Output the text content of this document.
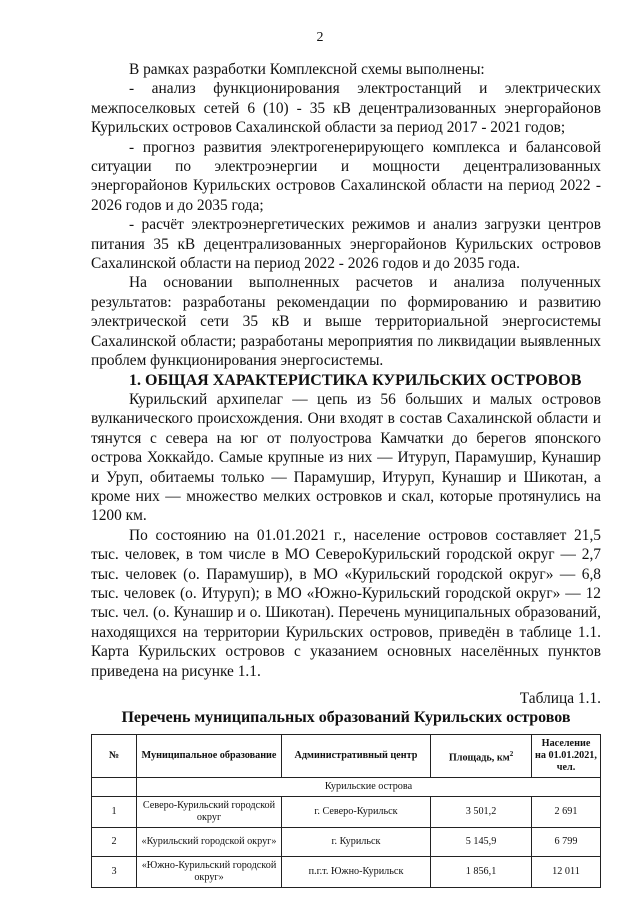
2

В рамках разработки Комплексной схемы выполнены:

- анализ функционирования электростанций и электрических межпоселковых сетей 6 (10) - 35 кВ децентрализованных энергорайонов Курильских островов Сахалинской области за период 2017 - 2021 годов;

- прогноз развития электрогенерирующего комплекса и балансовой ситуации по электроэнергии и мощности децентрализованных энергорайонов Курильских островов Сахалинской области на период 2022 - 2026 годов и до 2035 года;

- расчёт электроэнергетических режимов и анализ загрузки центров питания 35 кВ децентрализованных энергорайонов Курильских островов Сахалинской области на период 2022 - 2026 годов и до 2035 года.

На основании выполненных расчетов и анализа полученных результатов: разработаны рекомендации по формированию и развитию электрической сети 35 кВ и выше территориальной энергосистемы Сахалинской области; разработаны мероприятия по ликвидации выявленных проблем функционирования энергосистемы.

1. ОБЩАЯ ХАРАКТЕРИСТИКА КУРИЛЬСКИХ ОСТРОВОВ

Курильский архипелаг — цепь из 56 больших и малых островов вулканического происхождения. Они входят в состав Сахалинской области и тянутся с севера на юг от полуострова Камчатки до берегов японского острова Хоккайдо. Самые крупные из них — Итуруп, Парамушир, Кунашир и Уруп, обитаемы только — Парамушир, Итуруп, Кунашир и Шикотан, а кроме них — множество мелких островков и скал, которые протянулись на 1200 км.

По состоянию на 01.01.2021 г., население островов составляет 21,5 тыс. человек, в том числе в МО СевероКурильский городской округ — 2,7 тыс. человек (о. Парамушир), в МО «Курильский городской округ» — 6,8 тыс. человек (о. Итуруп); в МО «Южно-Курильский городской округ» — 12 тыс. чел. (о. Кунашир и о. Шикотан). Перечень муниципальных образований, находящихся на территории Курильских островов, приведён в таблице 1.1. Карта Курильских островов с указанием основных населённых пунктов приведена на рисунке 1.1.

Таблица 1.1.
Перечень муниципальных образований Курильских островов
№	Муниципальное образование	Административный центр	Площадь, $км^2$	Население на 01.01.2021, чел.
	Курильские острова			
1	Северо-Курильский городской округ	г. Северо-Курильск	3 501,2	2 691
2	«Курильский городской округ»	г. Курильск	5 145,9	6 799
3	«Южно-Курильский городской округ»	п.г.т. Южно-Курильск	1 856,1	12 011
